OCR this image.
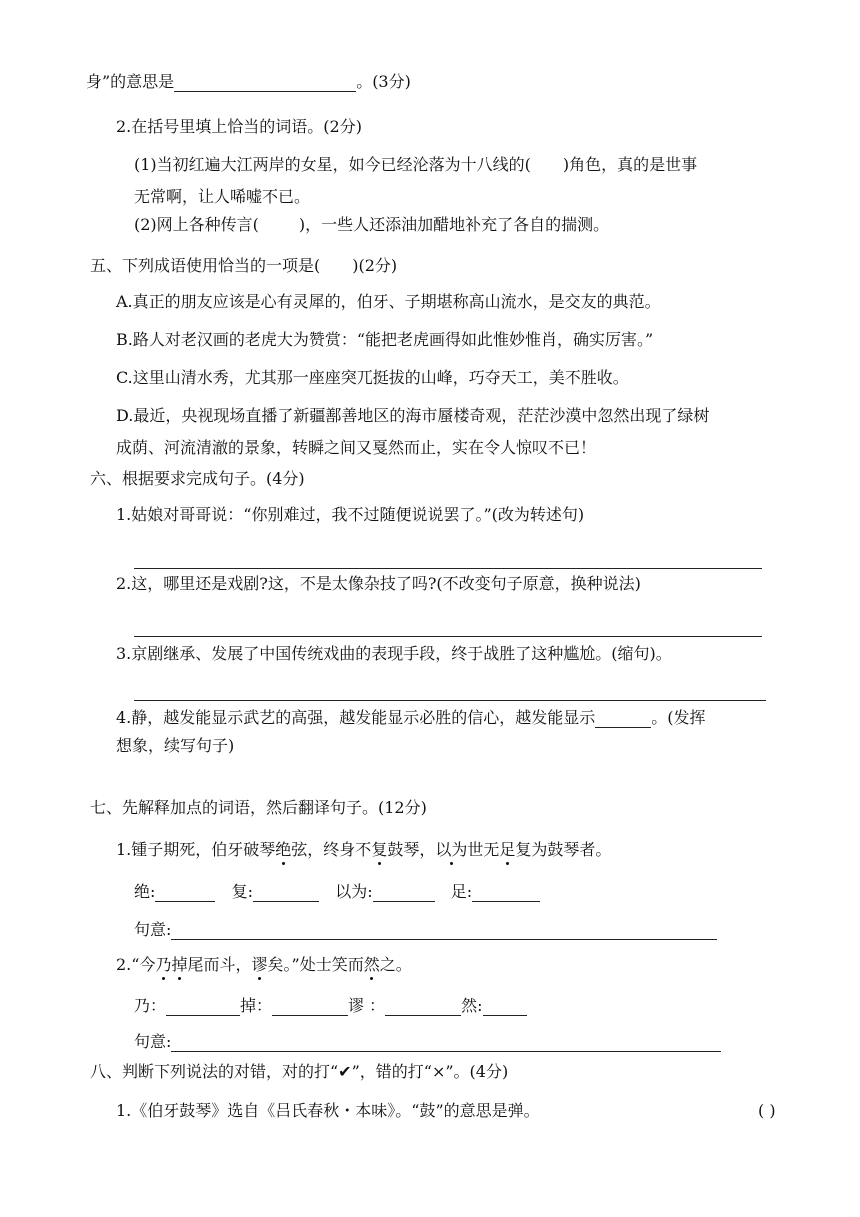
身”的意思是	。(3分)
2.在括号里填上恰当的词语。(2分)
(1)当初红遍大江两岸的女星，如今已经沦落为十八线的( )角色，真的是世事
无常啊，让人唏嘘不已。
(2)网上各种传言(	)，一些人还添油加醋地补充了各自的揣测。
五、下列成语使用恰当的一项是( )(2分)
A.真正的朋友应该是心有灵犀的，伯牙、子期堪称高山流水，是交友的典范。
B.路人对老汉画的老虎大为赞赏：“能把老虎画得如此惟妙惟肖，确实厉害。”
C.这里山清水秀，尤其那一座座突兀挺拔的山峰，巧夺天工，美不胜收。
D.最近，央视现场直播了新疆鄯善地区的海市蜃楼奇观，茫茫沙漠中忽然出现了绿树
成荫、河流清澈的景象，转瞬之间又戛然而止，实在令人惊叹不已！
六、根据要求完成句子。(4分)
1.姑娘对哥哥说：“你别难过，我不过随便说说罢了。”(改为转述句)
2.这，哪里还是戏剧?这，不是太像杂技了吗?(不改变句子原意，换种说法)
3.京剧继承、发展了中国传统戏曲的表现手段，终于战胜了这种尴尬。(缩句)。
4.静，越发能显示武艺的高强，越发能显示必胜的信心，越发能显示	。(发挥
想象，续写句子)
七、先解释加点的词语，然后翻译句子。(12分)
1.锺子期死，伯牙破琴绝弦，终身不复鼓琴，以为世无足复为鼓琴者。
绝:	复:	以为:	足:
句意:
2.“今乃掉尾而斗，谬矣。”处士笑而然之。
乃：	掉：	谬 ：	然:
句意:
八、判断下列说法的对错，对的打“✔”，错的打“×”。(4分)
1.《伯牙鼓琴》选自《吕氏春秋・本味》。“鼓”的意思是弹。	( )
